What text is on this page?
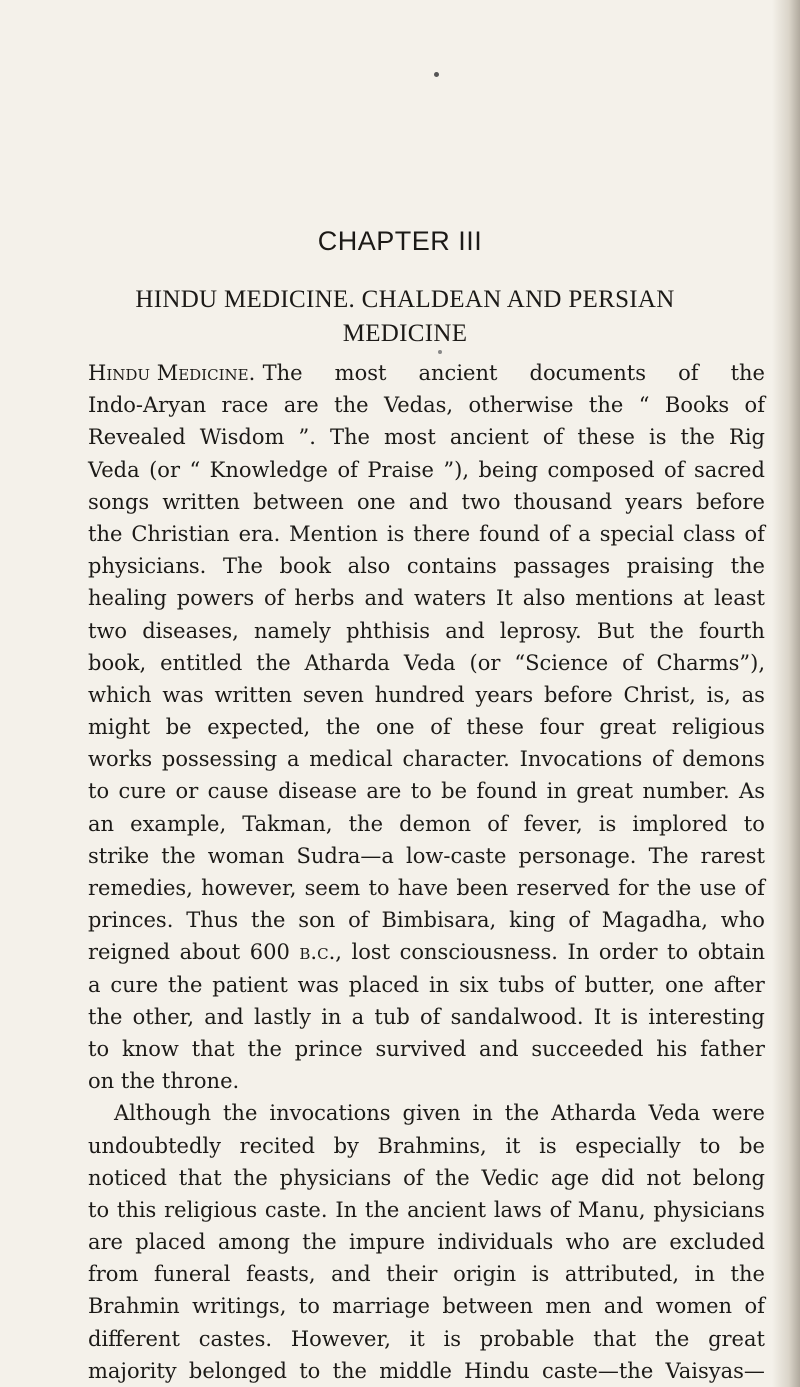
CHAPTER III
HINDU MEDICINE. CHALDEAN AND PERSIAN
MEDICINE
Hindu Medicine. The most ancient documents of the
Indo-Aryan race are the Vedas, otherwise the “ Books of
Revealed Wisdom ”. The most ancient of these is the Rig
Veda (or “ Knowledge of Praise ”), being composed of sacred
songs written between one and two thousand years before
the Christian era. Mention is there found of a special class of
physicians. The book also contains passages praising the
healing powers of herbs and waters It also mentions at least
two diseases, namely phthisis and leprosy. But the fourth
book, entitled the Atharda Veda (or “Science of Charms”),
which was written seven hundred years before Christ, is, as
might be expected, the one of these four great religious
works possessing a medical character. Invocations of demons
to cure or cause disease are to be found in great number. As
an example, Takman, the demon of fever, is implored to
strike the woman Sudra—a low-caste personage. The rarest
remedies, however, seem to have been reserved for the use of
princes. Thus the son of Bimbisara, king of Magadha, who
reigned about 600 b.c., lost consciousness. In order to obtain
a cure the patient was placed in six tubs of butter, one after
the other, and lastly in a tub of sandalwood. It is interesting
to know that the prince survived and succeeded his father
on the throne.
Although the invocations given in the Atharda Veda were
undoubtedly recited by Brahmins, it is especially to be
noticed that the physicians of the Vedic age did not belong
to this religious caste. In the ancient laws of Manu, physicians
are placed among the impure individuals who are excluded
from funeral feasts, and their origin is attributed, in the
Brahmin writings, to marriage between men and women of
different castes. However, it is probable that the great
majority belonged to the middle Hindu caste—the Vaisyas—
